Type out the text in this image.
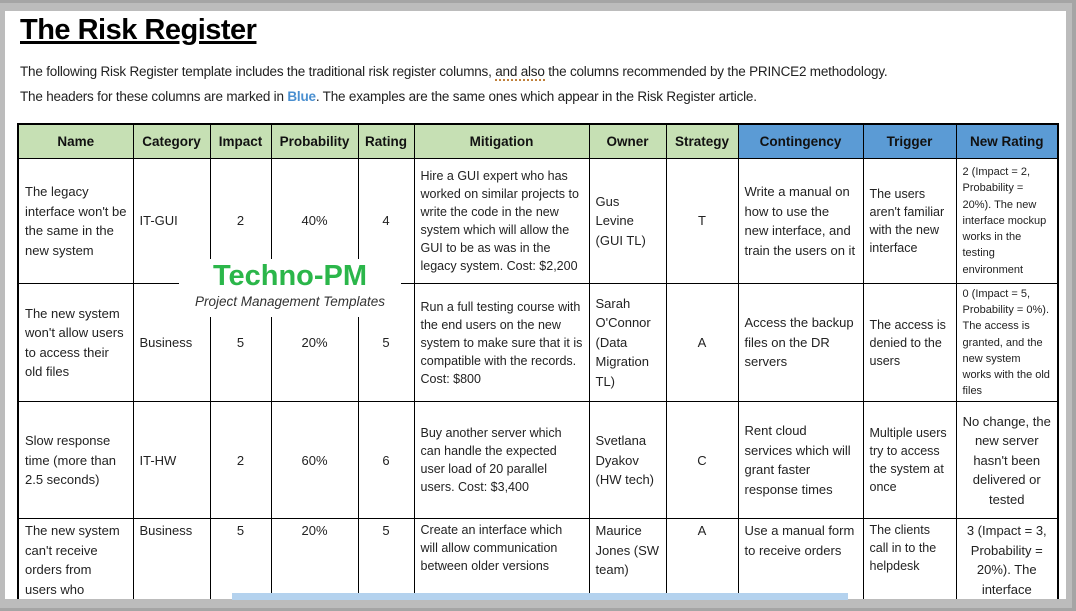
The Risk Register
The following Risk Register template includes the traditional risk register columns, and also the columns recommended by the PRINCE2 methodology.
The headers for these columns are marked in Blue. The examples are the same ones which appear in the Risk Register article.
Name	Category	Impact	Probability	Rating	Mitigation	Owner	Strategy	Contingency	Trigger	New Rating
The legacy interface won't be the same in the new system	IT-GUI	2	40%	4	Hire a GUI expert who has worked on similar projects to write the code in the new system which will allow the GUI to be as was in the legacy system. Cost: $2,200	Gus Levine (GUI TL)	T	Write a manual on how to use the new interface, and train the users on it	The users aren't familiar with the new interface	2 (Impact = 2, Probability = 20%). The new interface mockup works in the testing environment
The new system won't allow users to access their old files	Business	5	20%	5	Run a full testing course with the end users on the new system to make sure that it is compatible with the records. Cost: $800	Sarah O'Connor (Data Migration TL)	A	Access the backup files on the DR servers	The access is denied to the users	0 (Impact = 5, Probability = 0%). The access is granted, and the new system works with the old files
Slow response time (more than 2.5 seconds)	IT-HW	2	60%	6	Buy another server which can handle the expected user load of 20 parallel users. Cost: $3,400	Svetlana Dyakov (HW tech)	C	Rent cloud services which will grant faster response times	Multiple users try to access the system at once	No change, the new server hasn't been delivered or tested
The new system can't receive orders from users who	Business	5	20%	5	Create an interface which will allow communication between older versions	Maurice Jones (SW team)	A	Use a manual form to receive orders	The clients call in to the helpdesk	3 (Impact = 3, Probability = 20%). The interface
Techno-PM
Project Management Templates
